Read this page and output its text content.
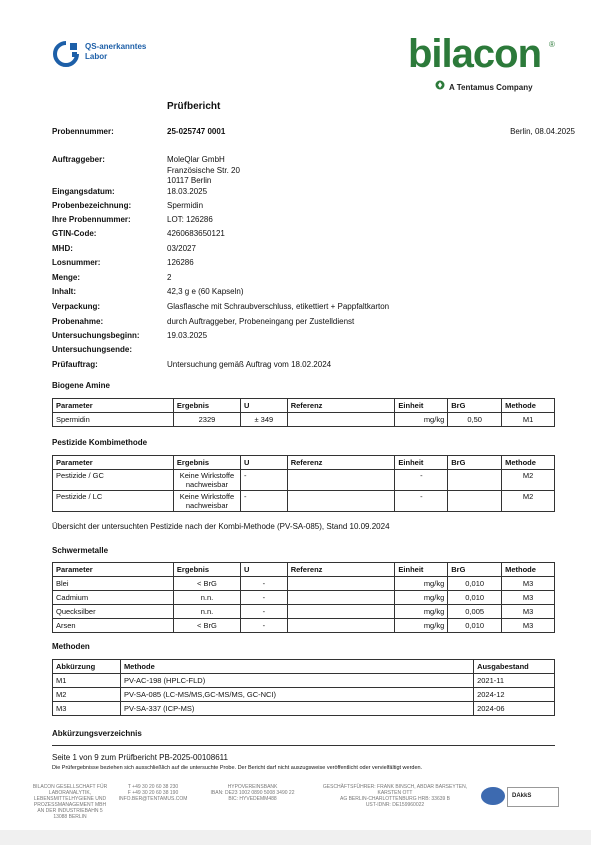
QS-anerkanntes
Labor	bilacon ®
A Tentamus Company
Prüfbericht
Berlin, 08.04.2025
Probennummer:	25-025747 0001
Auftraggeber:	MoleQlar GmbH
Französische Str. 20
10117 Berlin
Eingangsdatum:	18.03.2025
Probenbezeichnung:	Spermidin
Ihre Probennummer:	LOT: 126286
GTIN-Code:	4260683650121
MHD:	03/2027
Losnummer:	126286
Menge:	2
Inhalt:	42,3 g e (60 Kapseln)
Verpackung:	Glasflasche mit Schraubverschluss, etikettiert + Pappfaltkarton
Probenahme:	durch Auftraggeber, Probeneingang per Zustelldienst
Untersuchungsbeginn:	19.03.2025
Untersuchungsende:
Prüfauftrag:	Untersuchung gemäß Auftrag vom 18.02.2024
Biogene Amine
Parameter	Ergebnis	U	Referenz	Einheit	BrG	Methode
Spermidin	2329	± 349		mg/kg	0,50	M1
Pestizide Kombimethode
Parameter	Ergebnis	U	Referenz	Einheit	BrG	Methode
Pestizide / GC	Keine Wirkstoffe nachweisbar	-		-		M2
Pestizide / LC	Keine Wirkstoffe nachweisbar	-		-		M2
Übersicht der untersuchten Pestizide nach der Kombi-Methode (PV-SA-085), Stand 10.09.2024
Schwermetalle
Parameter	Ergebnis	U	Referenz	Einheit	BrG	Methode
Blei	< BrG	-		mg/kg	0,010	M3
Cadmium	n.n.	-		mg/kg	0,010	M3
Quecksilber	n.n.	-		mg/kg	0,005	M3
Arsen	< BrG	-		mg/kg	0,010	M3
Methoden
Abkürzung	Methode	Ausgabestand
M1	PV-AC-198 (HPLC-FLD)	2021-11
M2	PV-SA-085 (LC-MS/MS,GC-MS/MS, GC-NCI)	2024-12
M3	PV-SA-337 (ICP-MS)	2024-06
Abkürzungsverzeichnis
Seite 1 von 9 zum Prüfbericht PB-2025-00108611
Die Prüfergebnisse beziehen sich ausschließlich auf die untersuchte Probe. Der Bericht darf nicht auszugsweise veröffentlicht oder vervielfältigt werden.
BILACON GESELLSCHAFT FÜR
LABORANALYTIK,
LEBENSMITTELHYGIENE UND
PROZESSMANAGEMENT MBH
AN DER INDUSTRIEBAHN 5
13088 BERLIN
T +49 30 20 60 38 230
F +49 30 20 60 38 190
INFO.BER@TENTAMUS.COM
HYPOVEREINSBANK
IBAN: DE23 1002 0890 5008 3490 22
BIC: HYVEDEMM488
GESCHÄFTSFÜHRER: FRANK BINSCH, ABDAR BARSEYTEN,
KARSTEN OTT
AG BERLIN-CHARLOTTENBURG HRB: 33639 B
UST-IDNR: DE159960022
DAkkS
